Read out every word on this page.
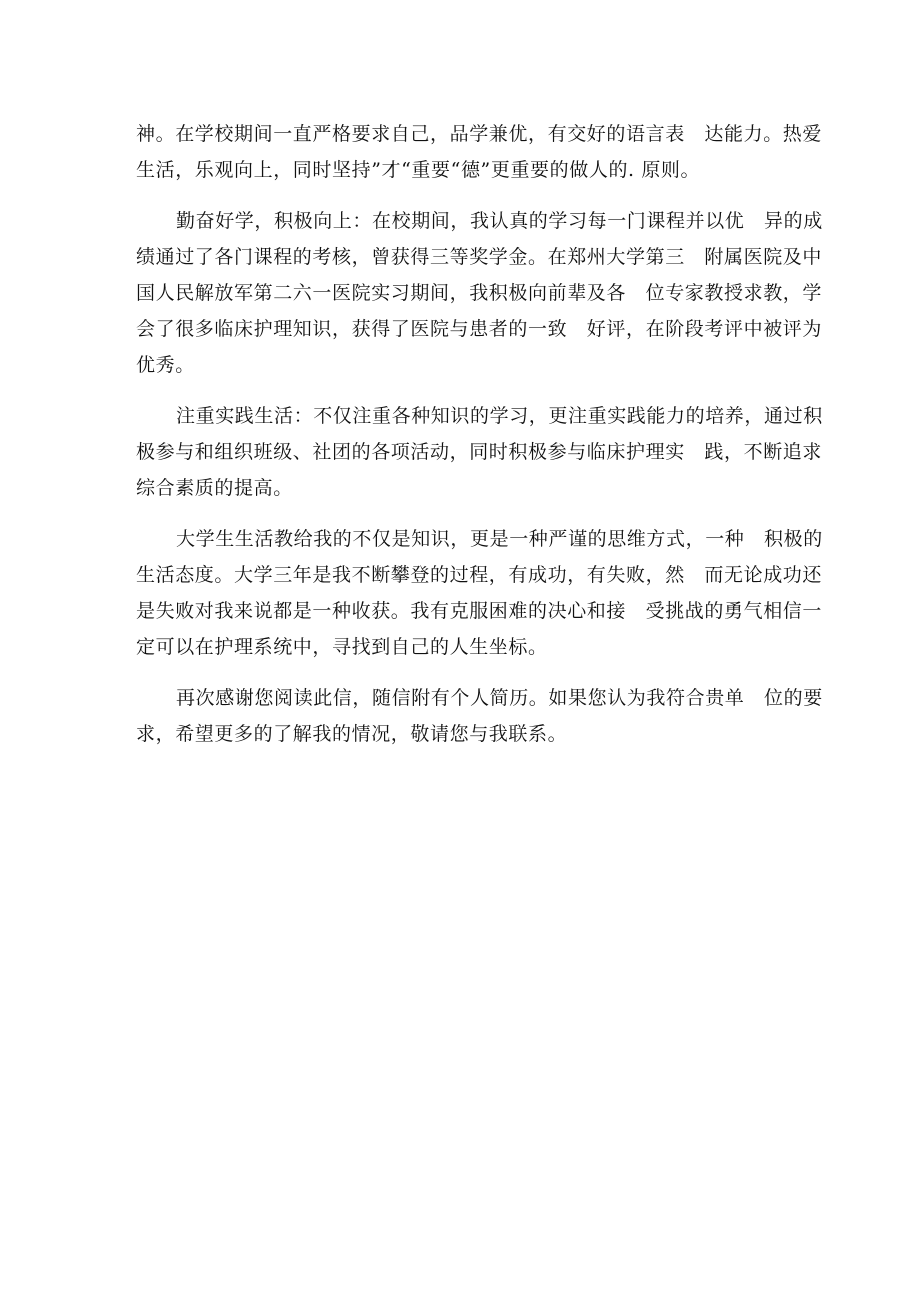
神。在学校期间一直严格要求自己，品学兼优，有交好的语言表　达能力。热爱
生活，乐观向上，同时坚持”才“重要“德”更重要的做人的. 原则。

勤奋好学，积极向上：在校期间，我认真的学习每一门课程并以优　异的成
绩通过了各门课程的考核，曾获得三等奖学金。在郑州大学第三　附属医院及中
国人民解放军第二六一医院实习期间，我积极向前辈及各　位专家教授求教，学
会了很多临床护理知识，获得了医院与患者的一致　好评，在阶段考评中被评为
优秀。

注重实践生活：不仅注重各种知识的学习，更注重实践能力的培养，通过积
极参与和组织班级、社团的各项活动，同时积极参与临床护理实　践，不断追求
综合素质的提高。

大学生生活教给我的不仅是知识，更是一种严谨的思维方式，一种　积极的
生活态度。大学三年是我不断攀登的过程，有成功，有失败，然　而无论成功还
是失败对我来说都是一种收获。我有克服困难的决心和接　受挑战的勇气相信一
定可以在护理系统中，寻找到自己的人生坐标。

再次感谢您阅读此信，随信附有个人简历。如果您认为我符合贵单　位的要
求，希望更多的了解我的情况，敬请您与我联系。
